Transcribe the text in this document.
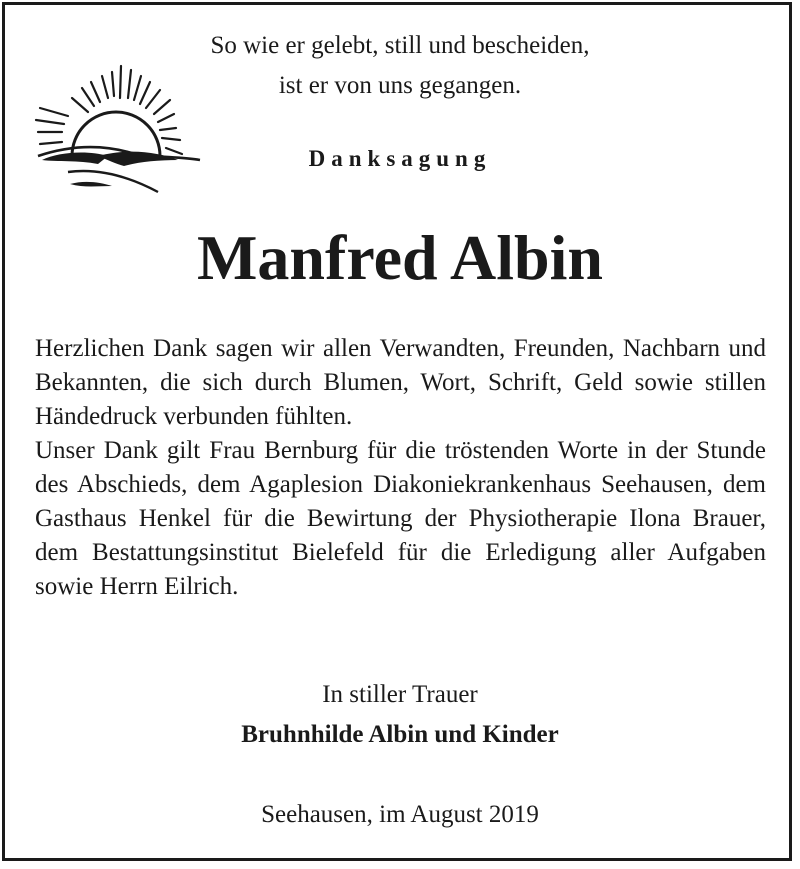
So wie er gelebt, still und bescheiden,
ist er von uns gegangen.
Danksagung
Manfred Albin

Herzlichen Dank sagen wir allen Verwandten, Freunden, Nachbarn und Bekannten, die sich durch Blumen, Wort, Schrift, Geld sowie stillen Händedruck verbunden fühlten.

Unser Dank gilt Frau Bernburg für die tröstenden Worte in der Stunde des Abschieds, dem Agaplesion Diakoniekrankenhaus Seehausen, dem Gasthaus Henkel für die Bewirtung der Physiotherapie Ilona Brauer, dem Bestattungsinstitut Bielefeld für die Erledigung aller Aufgaben sowie Herrn Eilrich.

In stiller Trauer
Bruhnhilde Albin und Kinder
Seehausen, im August 2019
